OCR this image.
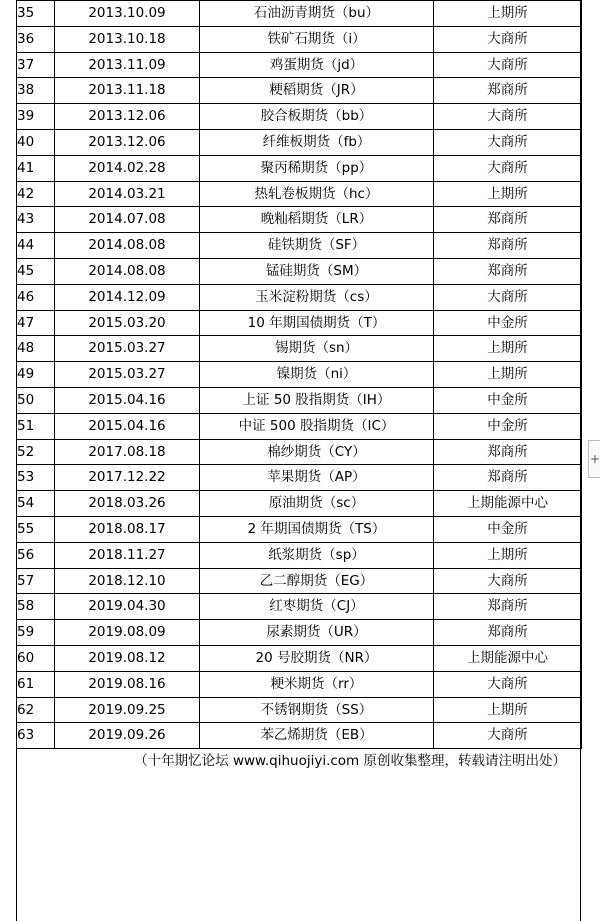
35	2013.10.09	石油沥青期货（bu）	上期所
36	2013.10.18	铁矿石期货（i）	大商所
37	2013.11.09	鸡蛋期货（jd）	大商所
38	2013.11.18	粳稻期货（JR）	郑商所
39	2013.12.06	胶合板期货（bb）	大商所
40	2013.12.06	纤维板期货（fb）	大商所
41	2014.02.28	聚丙稀期货（pp）	大商所
42	2014.03.21	热轧卷板期货（hc）	上期所
43	2014.07.08	晚籼稻期货（LR）	郑商所
44	2014.08.08	硅铁期货（SF）	郑商所
45	2014.08.08	锰硅期货（SM）	郑商所
46	2014.12.09	玉米淀粉期货（cs）	大商所
47	2015.03.20	10 年期国债期货（T）	中金所
48	2015.03.27	锡期货（sn）	上期所
49	2015.03.27	镍期货（ni）	上期所
50	2015.04.16	上证 50 股指期货（IH）	中金所
51	2015.04.16	中证 500 股指期货（IC）	中金所
52	2017.08.18	棉纱期货（CY）	郑商所
53	2017.12.22	苹果期货（AP）	郑商所
54	2018.03.26	原油期货（sc）	上期能源中心
55	2018.08.17	2 年期国债期货（TS）	中金所
56	2018.11.27	纸浆期货（sp）	上期所
57	2018.12.10	乙二醇期货（EG）	大商所
58	2019.04.30	红枣期货（CJ）	郑商所
59	2019.08.09	尿素期货（UR）	郑商所
60	2019.08.12	20 号胶期货（NR）	上期能源中心
61	2019.08.16	粳米期货（rr）	大商所
62	2019.09.25	不锈钢期货（SS）	上期所
63	2019.09.26	苯乙烯期货（EB）	大商所
（十年期忆论坛 www.qihuojiyi.com 原创收集整理，转载请注明出处）
+
